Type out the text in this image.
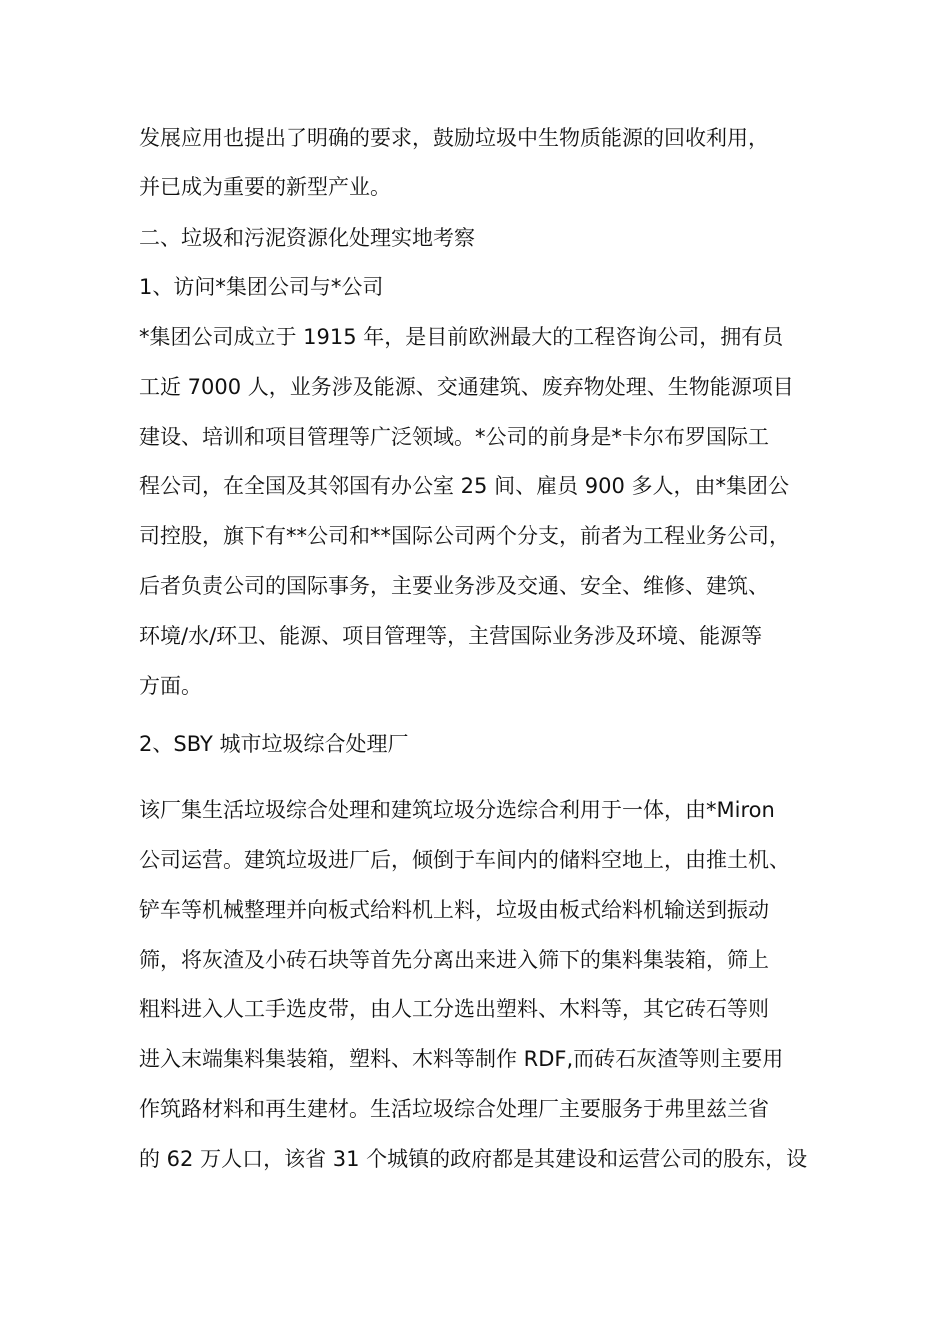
发展应用也提出了明确的要求，鼓励垃圾中生物质能源的回收利用，
并已成为重要的新型产业。
二、垃圾和污泥资源化处理实地考察
1、访问*集团公司与*公司
*集团公司成立于 1915 年，是目前欧洲最大的工程咨询公司，拥有员
工近 7000 人，业务涉及能源、交通建筑、废弃物处理、生物能源项目
建设、培训和项目管理等广泛领域。*公司的前身是*卡尔布罗国际工
程公司，在全国及其邻国有办公室 25 间、雇员 900 多人，由*集团公
司控股，旗下有**公司和**国际公司两个分支，前者为工程业务公司，
后者负责公司的国际事务，主要业务涉及交通、安全、维修、建筑、
环境/水/环卫、能源、项目管理等，主营国际业务涉及环境、能源等
方面。
2、SBY 城市垃圾综合处理厂
该厂集生活垃圾综合处理和建筑垃圾分选综合利用于一体，由*Miron
公司运营。建筑垃圾进厂后，倾倒于车间内的储料空地上，由推土机、
铲车等机械整理并向板式给料机上料，垃圾由板式给料机输送到振动
筛，将灰渣及小砖石块等首先分离出来进入筛下的集料集装箱，筛上
粗料进入人工手选皮带，由人工分选出塑料、木料等，其它砖石等则
进入末端集料集装箱，塑料、木料等制作 RDF,而砖石灰渣等则主要用
作筑路材料和再生建材。生活垃圾综合处理厂主要服务于弗里兹兰省
的 62 万人口，该省 31 个城镇的政府都是其建设和运营公司的股东，设
